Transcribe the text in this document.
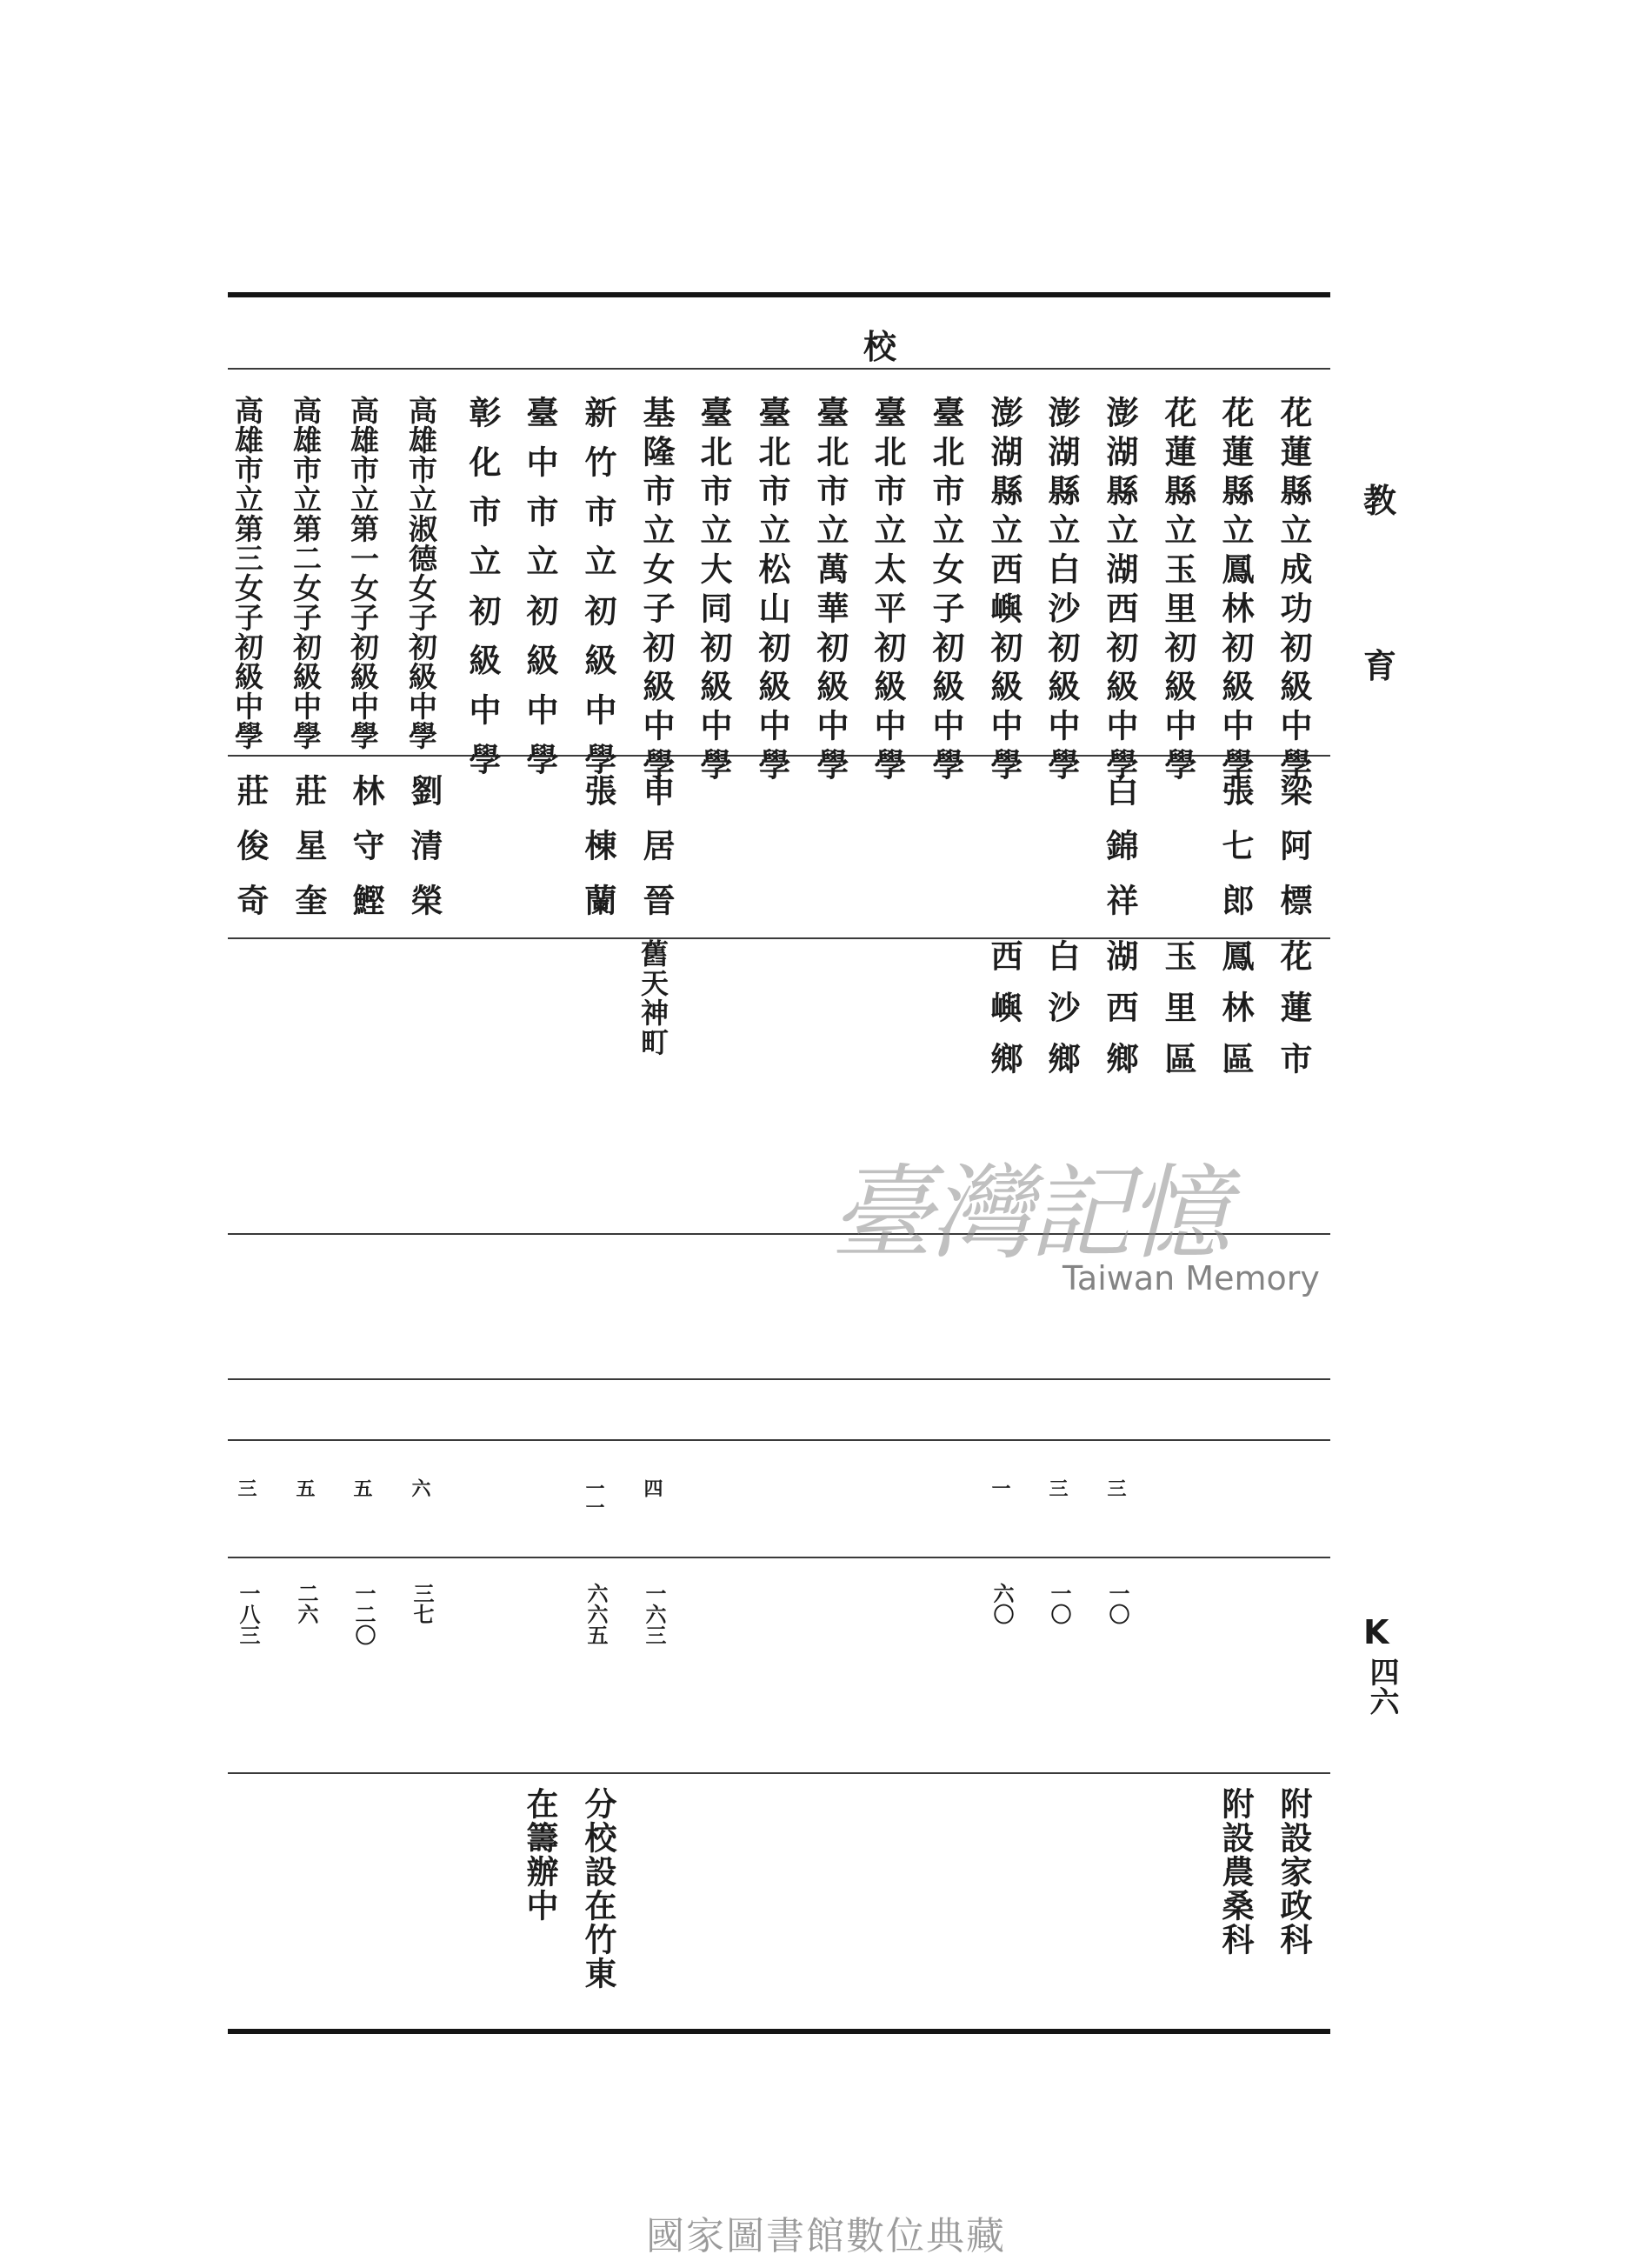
校
教
育
K
四六
花蓮縣立成功初級中學
梁阿標
花蓮市
附設家政科
花蓮縣立鳳林初級中學
張七郎
鳳林區
附設農桑科
花蓮縣立玉里初級中學
玉里區
澎湖縣立湖西初級中學
白錦祥
湖西鄉
三
一〇
澎湖縣立白沙初級中學
白沙鄉
三
一〇
澎湖縣立西嶼初級中學
西嶼鄉
一
六〇
臺北市立女子初級中學
臺北市立太平初級中學
臺北市立萬華初級中學
臺北市立松山初級中學
臺北市立大同初級中學
基隆市立女子初級中學
申居晉
舊天神町
四
一六三
新竹市立初級中學
張棟蘭
一一
六六五
分校設在竹東
臺中市立初級中學
在籌辦中
彰化市立初級中學
高雄市立淑德女子初級中學
劉清榮
六
三七
高雄市立第一女子初級中學
林守鰹
五
一二〇
高雄市立第二女子初級中學
莊星奎
五
二六
高雄市立第三女子初級中學
莊俊奇
三
一八三
臺灣記憶
Taiwan Memory
國家圖書館數位典藏
